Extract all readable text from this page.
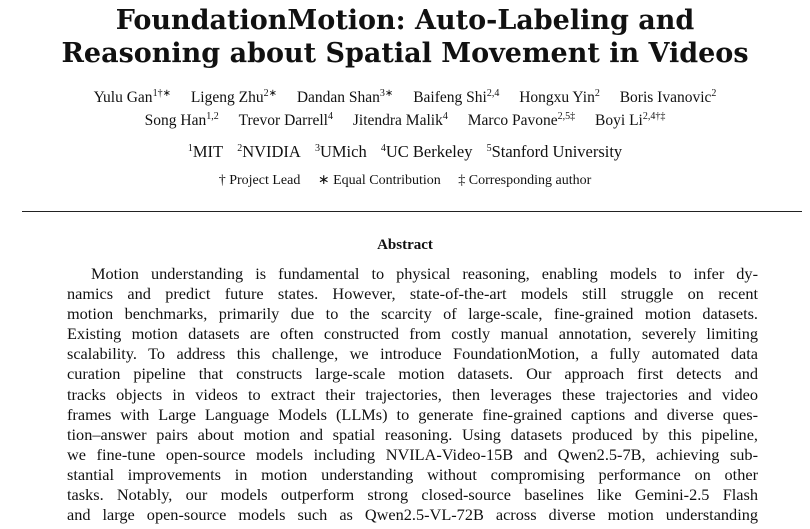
FoundationMotion: Auto-Labeling and
Reasoning about Spatial Movement in Videos
Yulu Gan$^{1\dagger∗}$ Ligeng Zhu$^{2∗}$ Dandan Shan$^{3∗}$ Baifeng Shi$^{2,4}$ Hongxu Yin$^2$ Boris Ivanovic$^2$
Song Han$^{1,2}$ Trevor Darrell$^4$ Jitendra Malik$^4$ Marco Pavone$^{2,5\ddagger}$ Boyi $Li^{2,4\dagger\ddagger}$
$^1$MIT $^2$NVIDIA $^3$UMich $^4$UC Berkeley $^5$Stanford University
† Project Lead ∗ Equal Contribution ‡ Corresponding author
Abstract
Motion understanding is fundamental to physical reasoning, enabling models to infer dy-
namics and predict future states. However, state-of-the-art models still struggle on recent
motion benchmarks, primarily due to the scarcity of large-scale, fine-grained motion datasets.
Existing motion datasets are often constructed from costly manual annotation, severely limiting
scalability. To address this challenge, we introduce FoundationMotion, a fully automated data
curation pipeline that constructs large-scale motion datasets. Our approach first detects and
tracks objects in videos to extract their trajectories, then leverages these trajectories and video
frames with Large Language Models (LLMs) to generate fine-grained captions and diverse ques-
tion–answer pairs about motion and spatial reasoning. Using datasets produced by this pipeline,
we fine-tune open-source models including NVILA-Video-15B and Qwen2.5-7B, achieving sub-
stantial improvements in motion understanding without compromising performance on other
tasks. Notably, our models outperform strong closed-source baselines like Gemini-2.5 Flash
and large open-source models such as Qwen2.5-VL-72B across diverse motion understanding
